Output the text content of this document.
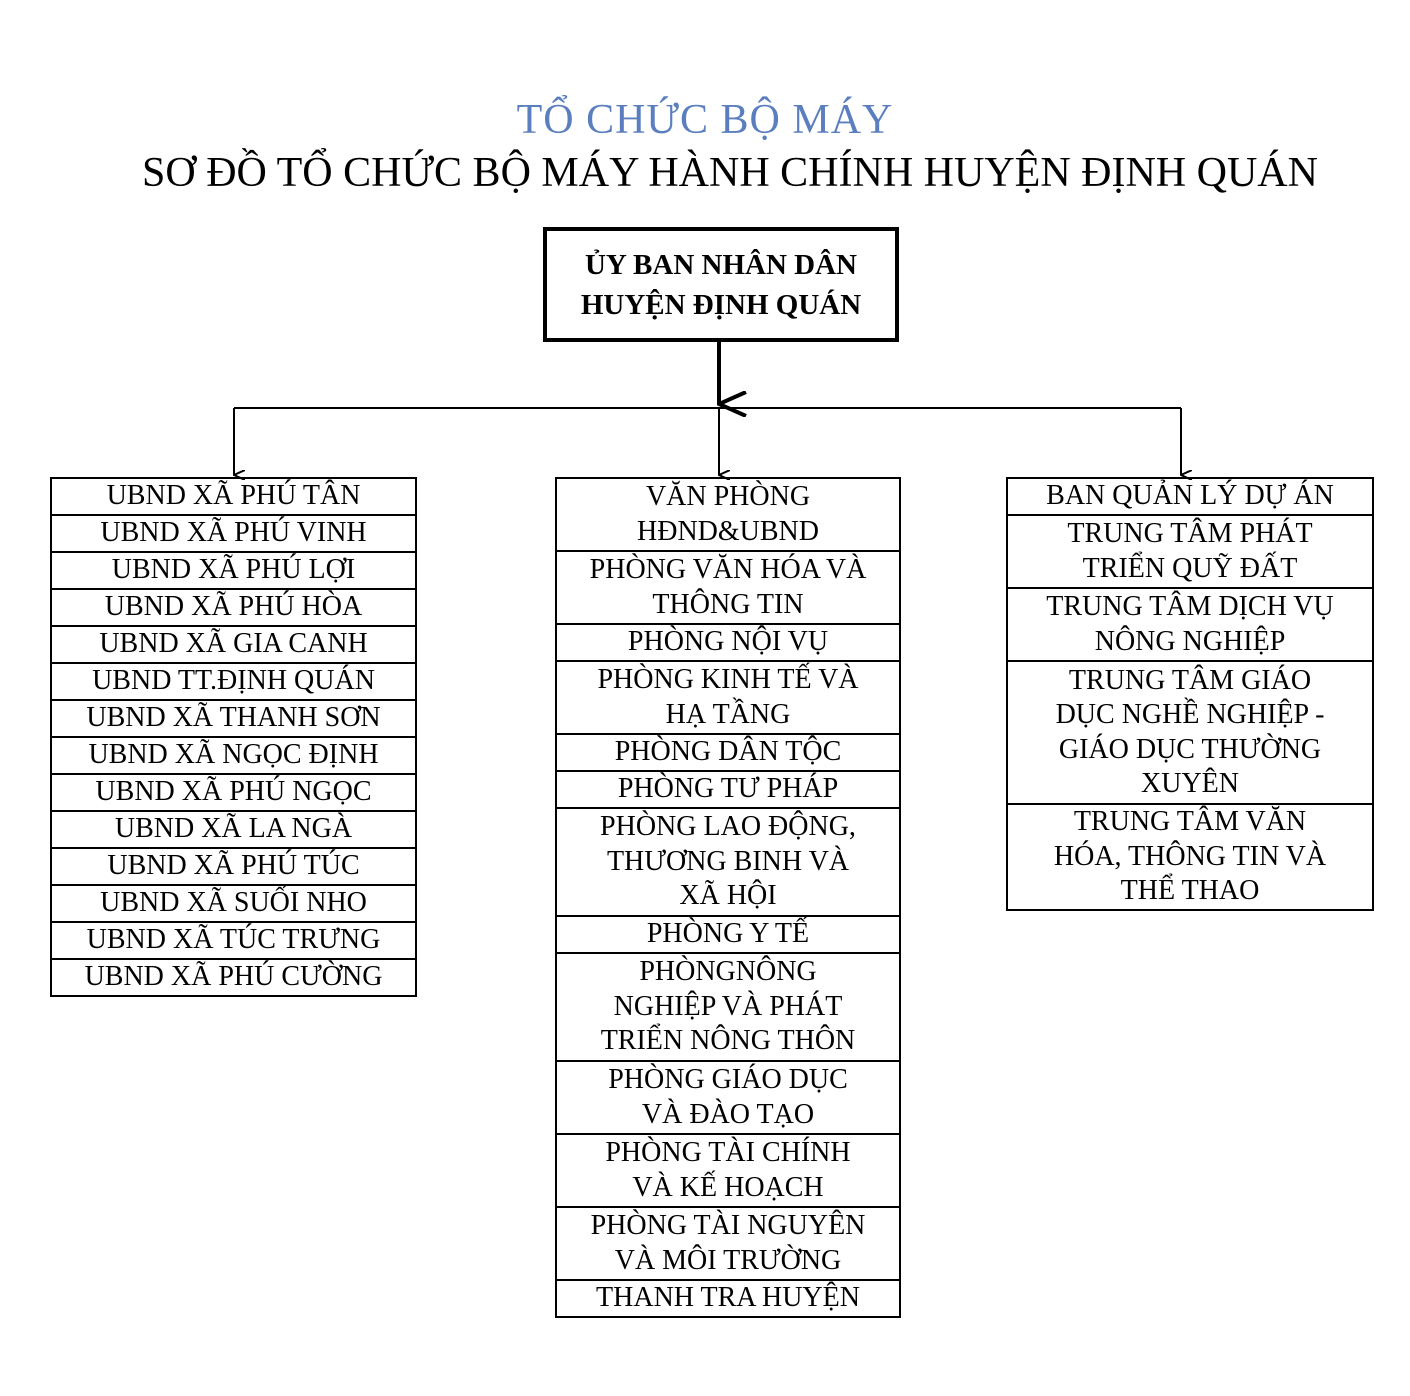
TỔ CHỨC BỘ MÁY
SƠ ĐỒ TỔ CHỨC BỘ MÁY HÀNH CHÍNH HUYỆN ĐỊNH QUÁN
ỦY BAN NHÂN DÂN
HUYỆN ĐỊNH QUÁN
UBND XÃ PHÚ TÂN
UBND XÃ PHÚ VINH
UBND XÃ PHÚ LỢI
UBND XÃ PHÚ HÒA
UBND XÃ GIA CANH
UBND TT.ĐỊNH QUÁN
UBND XÃ THANH SƠN
UBND XÃ NGỌC ĐỊNH
UBND XÃ PHÚ NGỌC
UBND XÃ LA NGÀ
UBND XÃ PHÚ TÚC
UBND XÃ SUỐI NHO
UBND XÃ TÚC TRƯNG
UBND XÃ PHÚ CƯỜNG
VĂN PHÒNG
HĐND&UBND
PHÒNG VĂN HÓA VÀ
THÔNG TIN
PHÒNG NỘI VỤ
PHÒNG KINH TẾ VÀ
HẠ TẦNG
PHÒNG DÂN TỘC
PHÒNG TƯ PHÁP
PHÒNG LAO ĐỘNG,
THƯƠNG BINH VÀ
XÃ HỘI
PHÒNG Y TẾ
PHÒNGNÔNG
NGHIỆP VÀ PHÁT
TRIỂN NÔNG THÔN
PHÒNG GIÁO DỤC
VÀ ĐÀO TẠO
PHÒNG TÀI CHÍNH
VÀ KẾ HOẠCH
PHÒNG TÀI NGUYÊN
VÀ MÔI TRƯỜNG
THANH TRA HUYỆN
BAN QUẢN LÝ DỰ ÁN
TRUNG TÂM PHÁT
TRIỂN QUỸ ĐẤT
TRUNG TÂM DỊCH VỤ
NÔNG NGHIỆP
TRUNG TÂM GIÁO
DỤC NGHỀ NGHIỆP -
GIÁO DỤC THƯỜNG
XUYÊN
TRUNG TÂM VĂN
HÓA, THÔNG TIN VÀ
THỂ THAO
